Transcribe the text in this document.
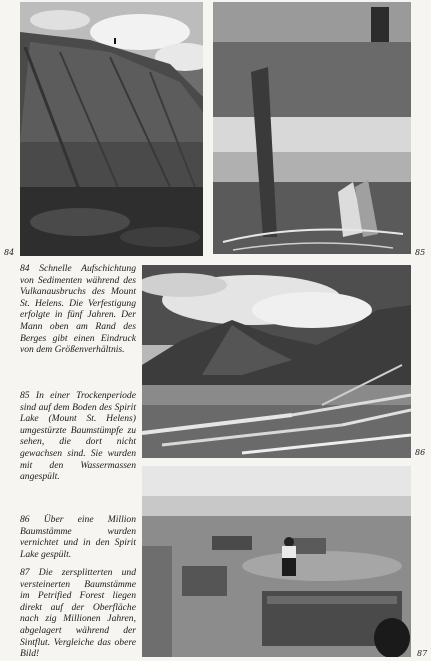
84	85

84 Schnelle Aufschichtung von Sedimenten während des Vulkanausbruchs des Mount St. Helens. Die Verfestigung erfolgte in fünf Jahren. Der Mann oben am Rand des Berges gibt einen Eindruck von dem Größenverhältnis.

86

85 In einer Trockenperiode sind auf dem Boden des Spirit Lake (Mount St. Helens) umgestürzte Baumstümpfe zu sehen, die dort nicht gewachsen sind. Sie wurden mit den Wassermassen angespült.

87

86 Über eine Million Baumstämme wurden vernichtet und in den Spirit Lake gespült.

87 Die zersplitterten und versteinerten Baumstämme im Petrified Forest liegen direkt auf der Oberfläche nach zig Millionen Jahren, abgelagert während der Sintflut. Vergleiche das obere Bild!
